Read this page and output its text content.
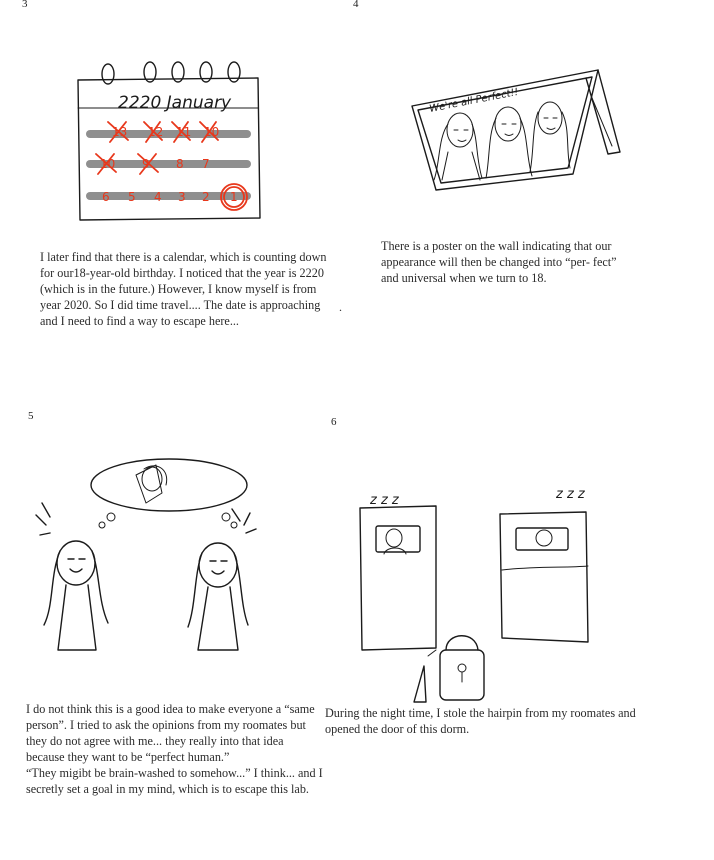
3
2220 January
13 12 11 10
10 9 8 7
6 5 4 3 2 1
I later find that there is a calendar, which is counting down for our18-year-old birthday. I noticed that the year is 2220 (which is in the future.) However, I know myself is from year 2020. So I did time travel.... The date is approaching and I need to find a way to escape here...
4
We're all Perfect!!
There is a poster on the wall indicating that our appearance will then be changed into “per- fect” and universal when we turn to 18.
.
5

I do not think this is a good idea to make everyone a “same person”. I tried to ask the opinions from my roomates but they do not agree with me... they really into that idea because they want to be “perfect human.”

“They migibt be brain-washed to somehow...” I think... and I secretly set a goal in my mind, which is to escape this lab.

6
z z z	z z z
During the night time, I stole the hairpin from my roomates and opened the door of this dorm.
